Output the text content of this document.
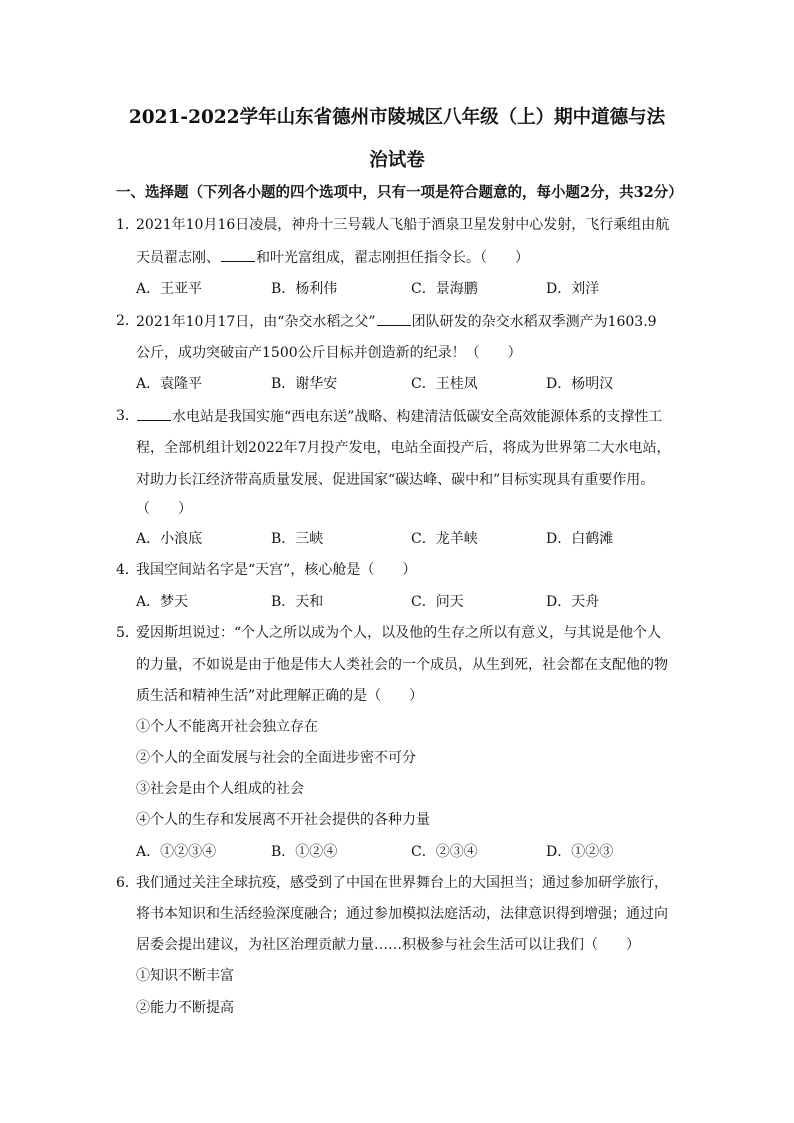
2021-2022学年山东省德州市陵城区八年级（上）期中道德与法
治试卷
一、选择题（下列各小题的四个选项中，只有一项是符合题意的，每小题2分，共32分）
1．
2021年10月16日凌晨，神舟十三号载人飞船于酒泉卫星发射中心发射，飞行乘组由航
天员翟志刚、	和叶光富组成，翟志刚担任指令长。（　　）
A．王亚平	B．杨利伟	C．景海鹏	D．刘洋
2．
2021年10月17日，由“杂交水稻之父”	团队研发的杂交水稻双季测产为1603.9
公斤，成功突破亩产1500公斤目标并创造新的纪录！（　　）
A．袁隆平	B．谢华安	C．王桂凤	D．杨明汉
3．	水电站是我国实施“西电东送”战略、构建清洁低碳安全高效能源体系的支撑性工
程，全部机组计划2022年7月投产发电，电站全面投产后，将成为世界第二大水电站，
对助力长江经济带高质量发展、促进国家“碳达峰、碳中和”目标实现具有重要作用。
（　　）
A．小浪底	B．三峡	C．龙羊峡	D．白鹤滩
4．
我国空间站名字是“天宫”，核心舱是（　　）
A．梦天	B．天和	C．问天	D．天舟
5．
爱因斯坦说过：“个人之所以成为个人，以及他的生存之所以有意义，与其说是他个人
的力量，不如说是由于他是伟大人类社会的一个成员，从生到死，社会都在支配他的物
质生活和精神生活”对此理解正确的是（　　）
①个人不能离开社会独立存在
②个人的全面发展与社会的全面进步密不可分
③社会是由个人组成的社会
④个人的生存和发展离不开社会提供的各种力量
A．①②③④	B．①②④	C．②③④	D．①②③
6．
我们通过关注全球抗疫，感受到了中国在世界舞台上的大国担当；通过参加研学旅行，
将书本知识和生活经验深度融合；通过参加模拟法庭活动，法律意识得到增强；通过向
居委会提出建议，为社区治理贡献力量……积极参与社会生活可以让我们（　　）
①知识不断丰富
②能力不断提高
